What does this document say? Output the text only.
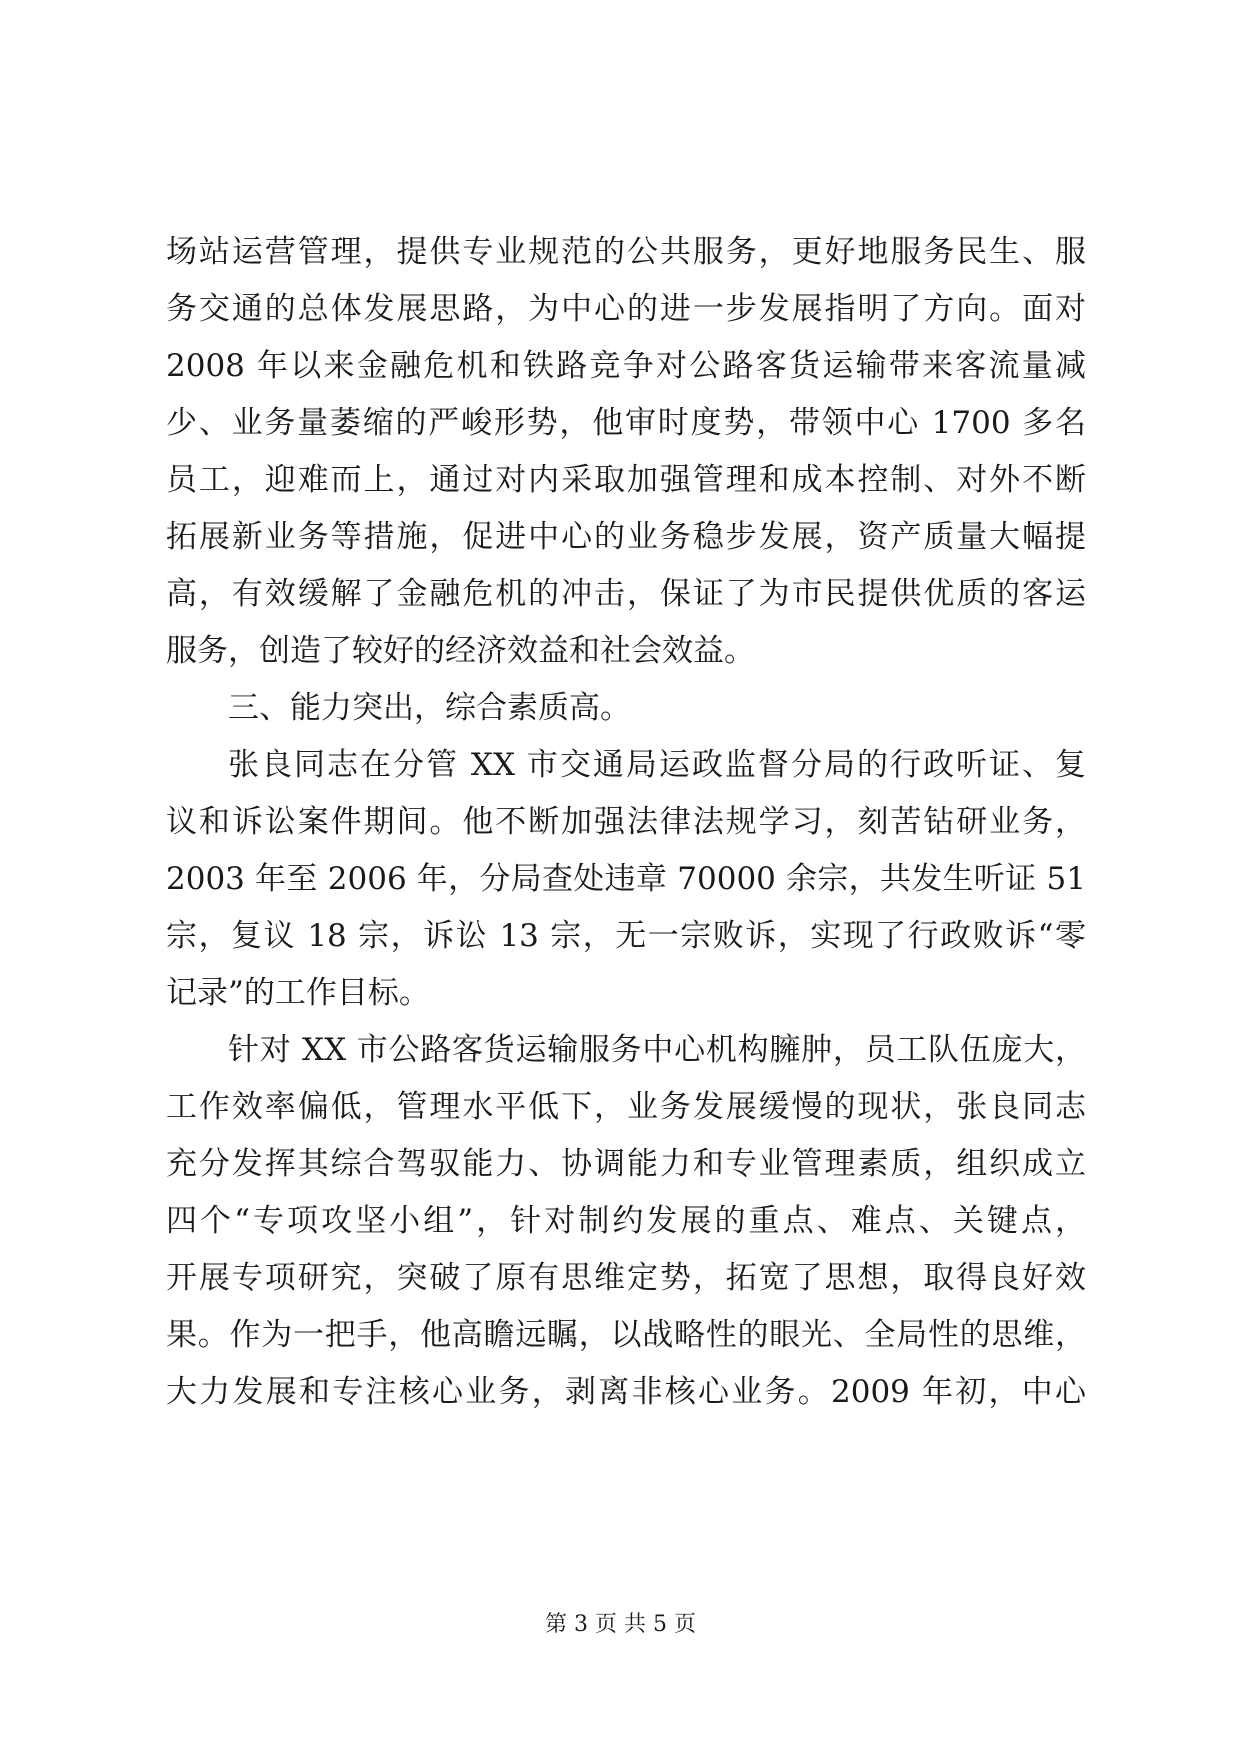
场站运营管理，提供专业规范的公共服务，更好地服务民生、服
务交通的总体发展思路，为中心的进一步发展指明了方向。面对
2008 年以来金融危机和铁路竞争对公路客货运输带来客流量减
少、业务量萎缩的严峻形势，他审时度势，带领中心 1700 多名
员工，迎难而上，通过对内采取加强管理和成本控制、对外不断
拓展新业务等措施，促进中心的业务稳步发展，资产质量大幅提
高，有效缓解了金融危机的冲击，保证了为市民提供优质的客运
服务，创造了较好的经济效益和社会效益。
三、能力突出，综合素质高。
张良同志在分管 XX 市交通局运政监督分局的行政听证、复
议和诉讼案件期间。他不断加强法律法规学习，刻苦钻研业务，
2003 年至 2006 年，分局查处违章 70000 余宗，共发生听证 51
宗，复议 18 宗，诉讼 13 宗，无一宗败诉，实现了行政败诉“零
记录”的工作目标。
针对 XX 市公路客货运输服务中心机构臃肿，员工队伍庞大，
工作效率偏低，管理水平低下，业务发展缓慢的现状，张良同志
充分发挥其综合驾驭能力、协调能力和专业管理素质，组织成立
四个“专项攻坚小组”，针对制约发展的重点、难点、关键点，
开展专项研究，突破了原有思维定势，拓宽了思想，取得良好效
果。作为一把手，他高瞻远瞩，以战略性的眼光、全局性的思维，
大力发展和专注核心业务，剥离非核心业务。2009 年初，中心
第 3 页 共 5 页
